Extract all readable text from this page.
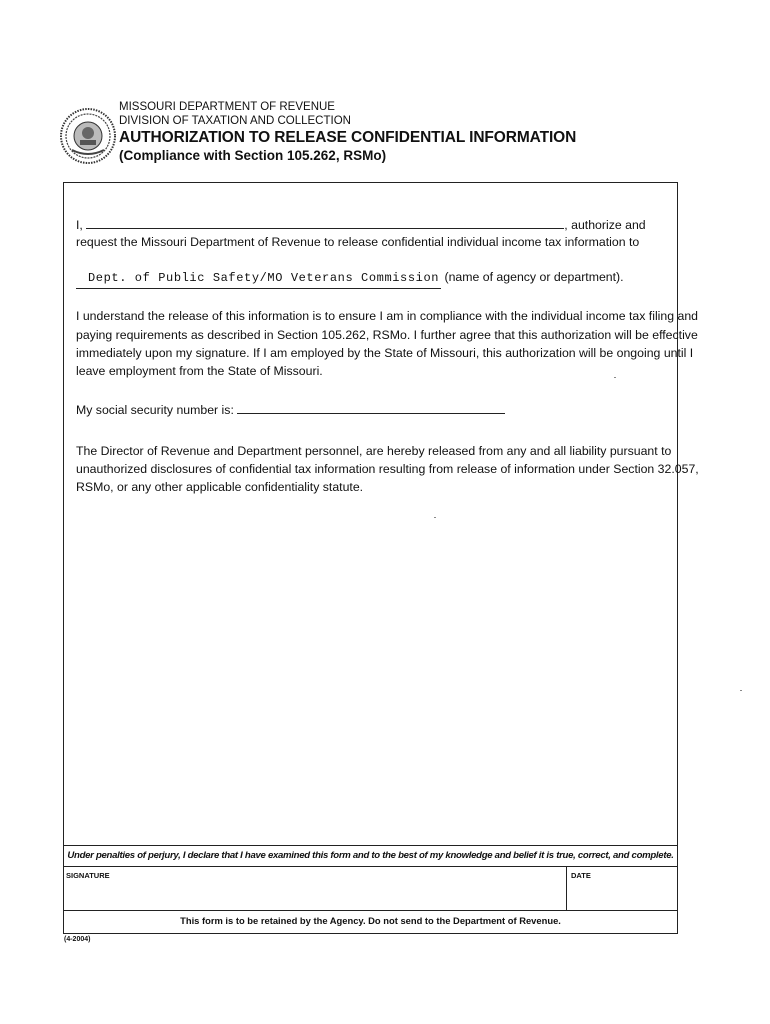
MISSOURI DEPARTMENT OF REVENUE
DIVISION OF TAXATION AND COLLECTION
AUTHORIZATION TO RELEASE CONFIDENTIAL INFORMATION
(Compliance with Section 105.262, RSMo)
I,	, authorize and
request the Missouri Department of Revenue to release confidential individual income tax information to
Dept. of Public Safety/MO Veterans Commission (name of agency or department).
I understand the release of this information is to ensure I am in compliance with the individual income tax filing and
paying requirements as described in Section 105.262, RSMo. I further agree that this authorization will be effective
immediately upon my signature. If I am employed by the State of Missouri, this authorization will be ongoing until I
leave employment from the State of Missouri.
My social security number is:
The Director of Revenue and Department personnel, are hereby released from any and all liability pursuant to
unauthorized disclosures of confidential tax information resulting from release of information under Section 32.057,
RSMo, or any other applicable confidentiality statute.
Under penalties of perjury, I declare that I have examined this form and to the best of my knowledge and belief it is true, correct, and complete.
SIGNATURE	DATE
This form is to be retained by the Agency. Do not send to the Department of Revenue.
(4-2004)
